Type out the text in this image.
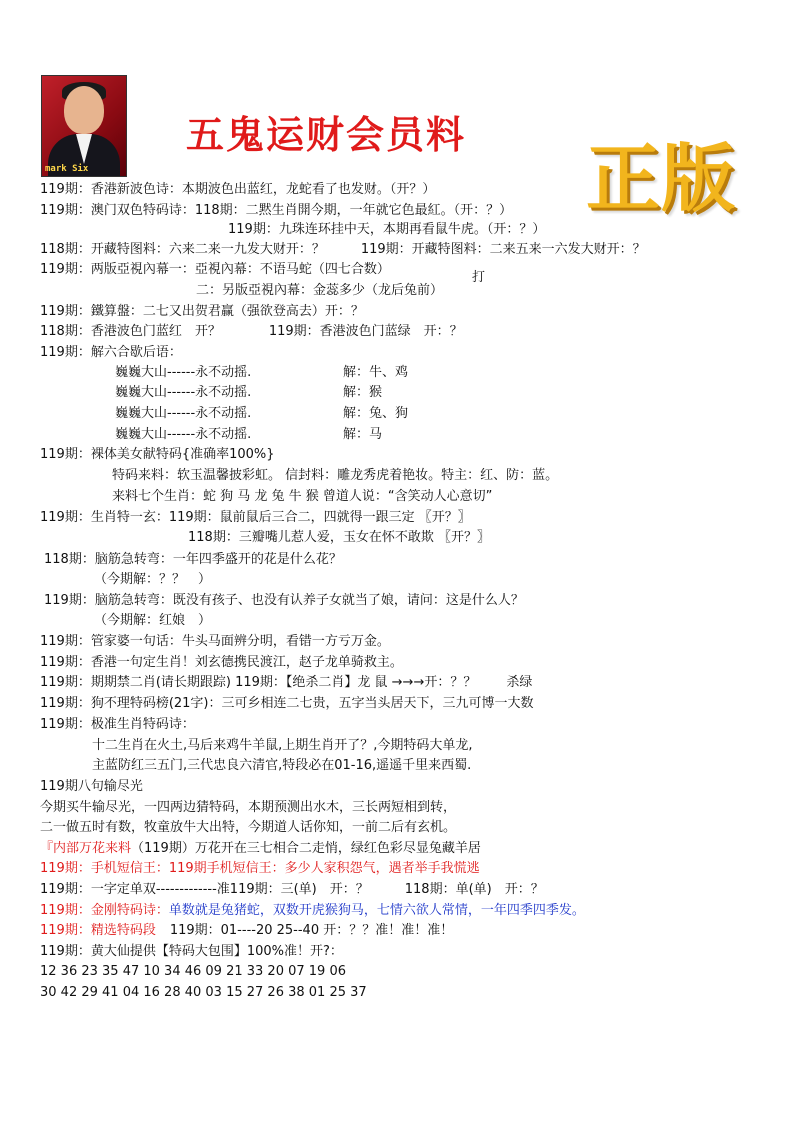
mark Six
五鬼运财会员料
正版
119期：香港新波色诗：本期波色出蓝红，龙蛇看了也发财。（开？）
119期：澳门双色特码诗：118期：二黙生肖開今期，一年就它色最紅。（开：？）
119期：九珠连环挂中天，本期再看鼠牛虎。（开：？）
118期：开藏特图料：六来二来一九发大财开：？	119期：开藏特图料：二来五来一六发大财开：？
119期：两版亞視內幕一：亞視內幕：不语马蛇（四七合数）
打
二：另版亞視內幕：金蕊多少（龙后兔前）
119期：鐵算盤：二七又出贺君赢（强欲登高去）开：？
118期：香港波色门蓝红　开？	119期：香港波色门蓝绿　开：？
119期：解六合歇后语：
巍巍大山------永不动摇.	解：牛、鸡
巍巍大山------永不动摇.	解：猴
巍巍大山------永不动摇.	解：兔、狗
巍巍大山------永不动摇.	解：马
119期：裸体美女献特码{准确率100%}
特码来料：软玉温馨披彩虹。 信封料：雕龙秀虎着艳妆。特主：红、防：蓝。
来料七个生肖：蛇 狗 马 龙 兔 牛 猴 曾道人说：“含笑动人心意切”
119期：生肖特一玄：119期：鼠前鼠后三合二，四就得一跟三定 〖开？〗
118期：三瓣嘴儿惹人爱，玉女在怀不敢欺 〖开？〗
118期：脑筋急转弯：一年四季盛开的花是什么花？
（今期解：？？　）
119期：脑筋急转弯：既没有孩子、也没有认养子女就当了娘，请问：这是什么人？
（今期解：红娘　）
119期：管家婆一句话：牛头马面辨分明，看错一方亏万金。
119期：香港一句定生肖！刘玄德携民渡江，赵子龙单骑救主。
119期：期期禁二肖(请长期跟踪) 119期：【绝杀二肖】龙 鼠 →→→开：？？ 杀绿
119期：狗不理特码榜(21字)：三可乡相连二七贵，五字当头居天下，三九可博一大数
119期：极准生肖特码诗：
十二生肖在火土,马后来鸡牛羊鼠,上期生肖开了？,今期特码大单龙,
主蓝防红三五门,三代忠良六清官,特段必在01-16,遥遥千里来西蜀.
119期八句输尽光
今期买牛输尽光，一四两边猜特码，本期预测出水木，三长两短相到转，
二一做五时有数，牧童放牛大出特，今期道人话你知，一前二后有玄机。
『内部万花来料（119期）万花开在三七相合二走悄，绿红色彩尽显兔藏羊居
119期：手机短信王：119期手机短信王：多少人家积怨气，遇者举手我慌逃
119期：一字定单双-------------准119期：三(单)　开：？	118期：单(单)　开：？
119期：金刚特码诗：单数就是兔猪蛇，双数开虎猴狗马，七情六欲人常情，一年四季四季发。
119期：精选特码段 119期：01----20 25--40 开：？？准！准！准！
119期：黄大仙提供【特码大包围】100%准！开?：
12 36 23 35 47 10 34 46 09 21 33 20 07 19 06
30 42 29 41 04 16 28 40 03 15 27 26 38 01 25 37
